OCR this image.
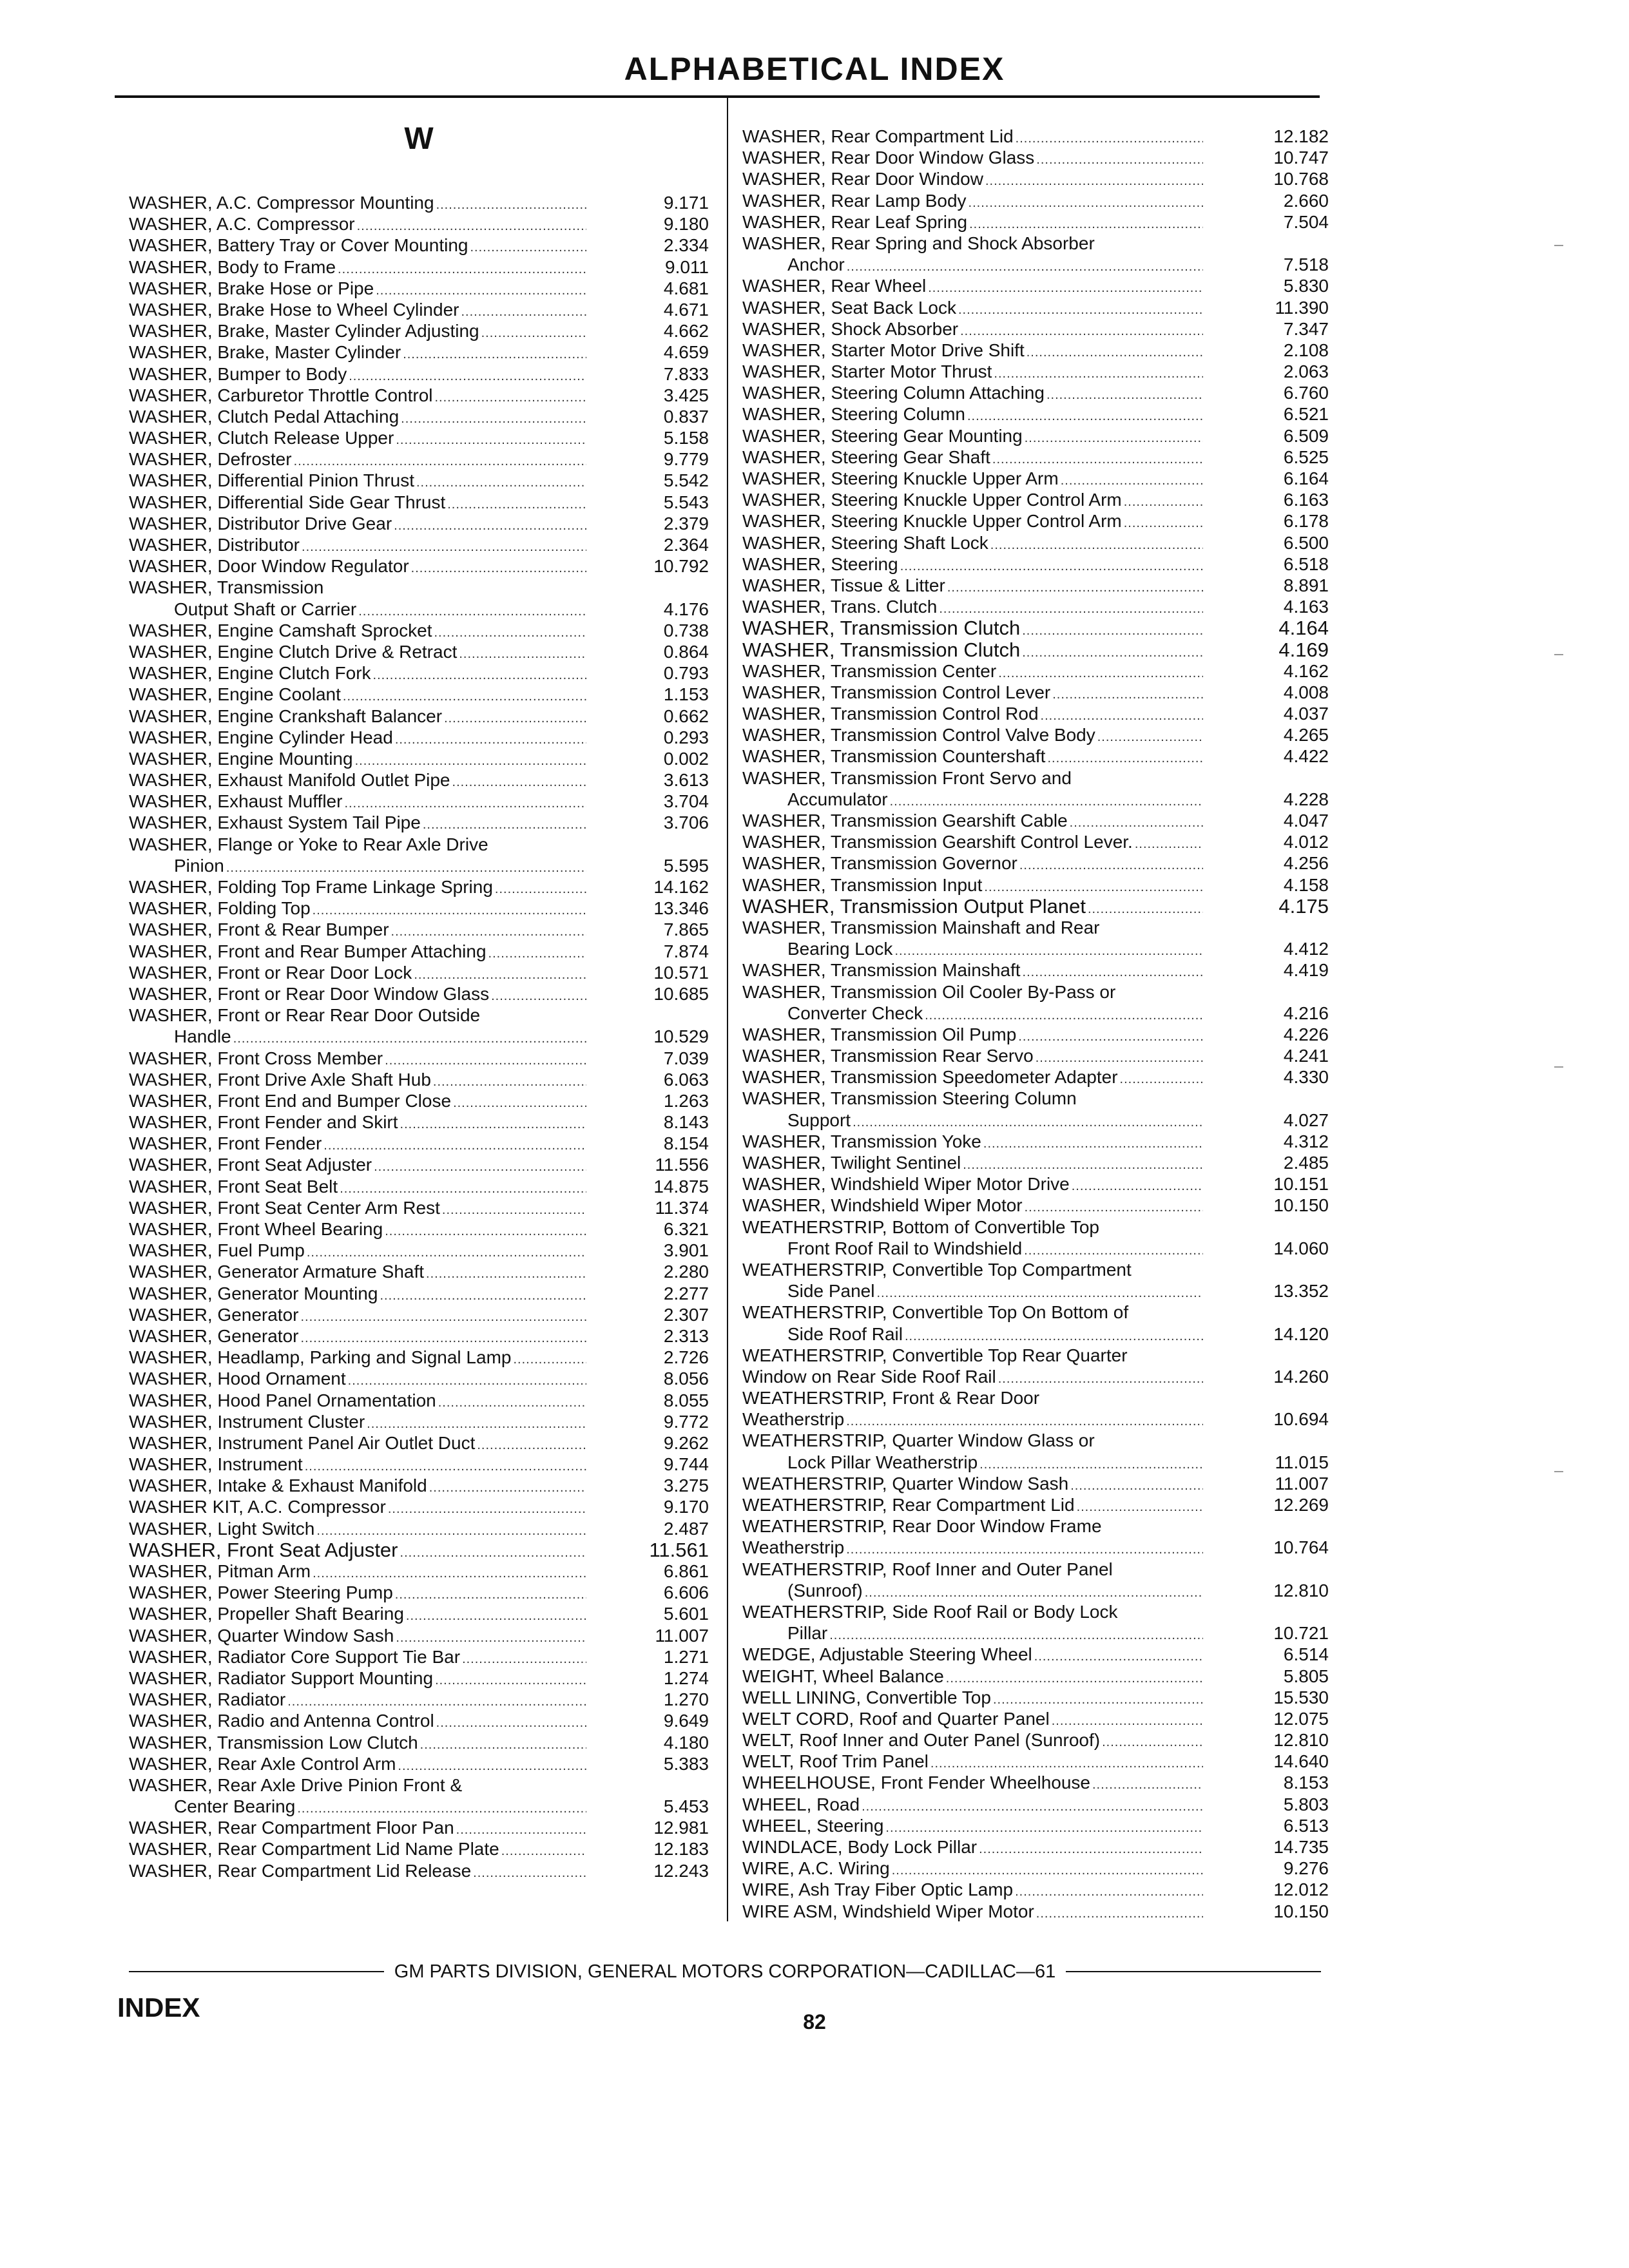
ALPHABETICAL INDEX
W
WASHER, A.C. Compressor Mounting .....	9.171
WASHER, A.C. Compressor .....	9.180
WASHER, Battery Tray or Cover Mounting .....	2.334
WASHER, Body to Frame .....	9.011
WASHER, Brake Hose or Pipe .....	4.681
WASHER, Brake Hose to Wheel Cylinder .....	4.671
WASHER, Brake, Master Cylinder Adjusting .....	4.662
WASHER, Brake, Master Cylinder .....	4.659
WASHER, Bumper to Body .....	7.833
WASHER, Carburetor Throttle Control .....	3.425
WASHER, Clutch Pedal Attaching .....	0.837
WASHER, Clutch Release Upper .....	5.158
WASHER, Defroster .....	9.779
WASHER, Differential Pinion Thrust .....	5.542
WASHER, Differential Side Gear Thrust .....	5.543
WASHER, Distributor Drive Gear .....	2.379
WASHER, Distributor .....	2.364
WASHER, Door Window Regulator .....	10.792
WASHER, Transmission
Output Shaft or Carrier .....	4.176
WASHER, Engine Camshaft Sprocket .....	0.738
WASHER, Engine Clutch Drive & Retract .....	0.864
WASHER, Engine Clutch Fork .....	0.793
WASHER, Engine Coolant .....	1.153
WASHER, Engine Crankshaft Balancer .....	0.662
WASHER, Engine Cylinder Head .....	0.293
WASHER, Engine Mounting .....	0.002
WASHER, Exhaust Manifold Outlet Pipe .....	3.613
WASHER, Exhaust Muffler .....	3.704
WASHER, Exhaust System Tail Pipe .....	3.706
WASHER, Flange or Yoke to Rear Axle Drive
Pinion .....	5.595
WASHER, Folding Top Frame Linkage Spring .....	14.162
WASHER, Folding Top .....	13.346
WASHER, Front & Rear Bumper .....	7.865
WASHER, Front and Rear Bumper Attaching .....	7.874
WASHER, Front or Rear Door Lock .....	10.571
WASHER, Front or Rear Door Window Glass .....	10.685
WASHER, Front or Rear Rear Door Outside
Handle .....	10.529
WASHER, Front Cross Member .....	7.039
WASHER, Front Drive Axle Shaft Hub .....	6.063
WASHER, Front End and Bumper Close .....	1.263
WASHER, Front Fender and Skirt .....	8.143
WASHER, Front Fender .....	8.154
WASHER, Front Seat Adjuster .....	11.556
WASHER, Front Seat Belt .....	14.875
WASHER, Front Seat Center Arm Rest .....	11.374
WASHER, Front Wheel Bearing .....	6.321
WASHER, Fuel Pump .....	3.901
WASHER, Generator Armature Shaft .....	2.280
WASHER, Generator Mounting .....	2.277
WASHER, Generator .....	2.307
WASHER, Generator .....	2.313
WASHER, Headlamp, Parking and Signal Lamp .....	2.726
WASHER, Hood Ornament .....	8.056
WASHER, Hood Panel Ornamentation .....	8.055
WASHER, Instrument Cluster .....	9.772
WASHER, Instrument Panel Air Outlet Duct .....	9.262
WASHER, Instrument .....	9.744
WASHER, Intake & Exhaust Manifold .....	3.275
WASHER KIT, A.C. Compressor .....	9.170
WASHER, Light Switch .....	2.487
WASHER, Front Seat Adjuster .....	11.561
WASHER, Pitman Arm .....	6.861
WASHER, Power Steering Pump .....	6.606
WASHER, Propeller Shaft Bearing .....	5.601
WASHER, Quarter Window Sash .....	11.007
WASHER, Radiator Core Support Tie Bar .....	1.271
WASHER, Radiator Support Mounting .....	1.274
WASHER, Radiator .....	1.270
WASHER, Radio and Antenna Control .....	9.649
WASHER, Transmission Low Clutch .....	4.180
WASHER, Rear Axle Control Arm .....	5.383
WASHER, Rear Axle Drive Pinion Front &
Center Bearing .....	5.453
WASHER, Rear Compartment Floor Pan .....	12.981
WASHER, Rear Compartment Lid Name Plate .....	12.183
WASHER, Rear Compartment Lid Release .....	12.243
WASHER, Rear Compartment Lid .....	12.182
WASHER, Rear Door Window Glass .....	10.747
WASHER, Rear Door Window .....	10.768
WASHER, Rear Lamp Body .....	2.660
WASHER, Rear Leaf Spring .....	7.504
WASHER, Rear Spring and Shock Absorber
Anchor .....	7.518
WASHER, Rear Wheel .....	5.830
WASHER, Seat Back Lock .....	11.390
WASHER, Shock Absorber .....	7.347
WASHER, Starter Motor Drive Shift .....	2.108
WASHER, Starter Motor Thrust .....	2.063
WASHER, Steering Column Attaching .....	6.760
WASHER, Steering Column .....	6.521
WASHER, Steering Gear Mounting .....	6.509
WASHER, Steering Gear Shaft .....	6.525
WASHER, Steering Knuckle Upper Arm .....	6.164
WASHER, Steering Knuckle Upper Control Arm .....	6.163
WASHER, Steering Knuckle Upper Control Arm .....	6.178
WASHER, Steering Shaft Lock .....	6.500
WASHER, Steering .....	6.518
WASHER, Tissue & Litter .....	8.891
WASHER, Trans. Clutch .....	4.163
WASHER, Transmission Clutch .....	4.164
WASHER, Transmission Clutch .....	4.169
WASHER, Transmission Center .....	4.162
WASHER, Transmission Control Lever .....	4.008
WASHER, Transmission Control Rod .....	4.037
WASHER, Transmission Control Valve Body .....	4.265
WASHER, Transmission Countershaft .....	4.422
WASHER, Transmission Front Servo and
Accumulator .....	4.228
WASHER, Transmission Gearshift Cable .....	4.047
WASHER, Transmission Gearshift Control Lever. .....	4.012
WASHER, Transmission Governor .....	4.256
WASHER, Transmission Input .....	4.158
WASHER, Transmission Output Planet .....	4.175
WASHER, Transmission Mainshaft and Rear
Bearing Lock .....	4.412
WASHER, Transmission Mainshaft .....	4.419
WASHER, Transmission Oil Cooler By-Pass or
Converter Check .....	4.216
WASHER, Transmission Oil Pump .....	4.226
WASHER, Transmission Rear Servo .....	4.241
WASHER, Transmission Speedometer Adapter .....	4.330
WASHER, Transmission Steering Column
Support .....	4.027
WASHER, Transmission Yoke .....	4.312
WASHER, Twilight Sentinel .....	2.485
WASHER, Windshield Wiper Motor Drive .....	10.151
WASHER, Windshield Wiper Motor .....	10.150
WEATHERSTRIP, Bottom of Convertible Top
Front Roof Rail to Windshield .....	14.060
WEATHERSTRIP, Convertible Top Compartment
Side Panel .....	13.352
WEATHERSTRIP, Convertible Top On Bottom of
Side Roof Rail .....	14.120
WEATHERSTRIP, Convertible Top Rear Quarter
Window on Rear Side Roof Rail .....	14.260
WEATHERSTRIP, Front & Rear Door
Weatherstrip .....	10.694
WEATHERSTRIP, Quarter Window Glass or
Lock Pillar Weatherstrip .....	11.015
WEATHERSTRIP, Quarter Window Sash .....	11.007
WEATHERSTRIP, Rear Compartment Lid .....	12.269
WEATHERSTRIP, Rear Door Window Frame
Weatherstrip .....	10.764
WEATHERSTRIP, Roof Inner and Outer Panel
(Sunroof) .....	12.810
WEATHERSTRIP, Side Roof Rail or Body Lock
Pillar .....	10.721
WEDGE, Adjustable Steering Wheel .....	6.514
WEIGHT, Wheel Balance .....	5.805
WELL LINING, Convertible Top .....	15.530
WELT CORD, Roof and Quarter Panel .....	12.075
WELT, Roof Inner and Outer Panel (Sunroof) .....	12.810
WELT, Roof Trim Panel .....	14.640
WHEELHOUSE, Front Fender Wheelhouse .....	8.153
WHEEL, Road .....	5.803
WHEEL, Steering .....	6.513
WINDLACE, Body Lock Pillar .....	14.735
WIRE, A.C. Wiring .....	9.276
WIRE, Ash Tray Fiber Optic Lamp .....	12.012
WIRE ASM, Windshield Wiper Motor .....	10.150
GM PARTS DIVISION, GENERAL MOTORS CORPORATION—CADILLAC—61
INDEX	82
